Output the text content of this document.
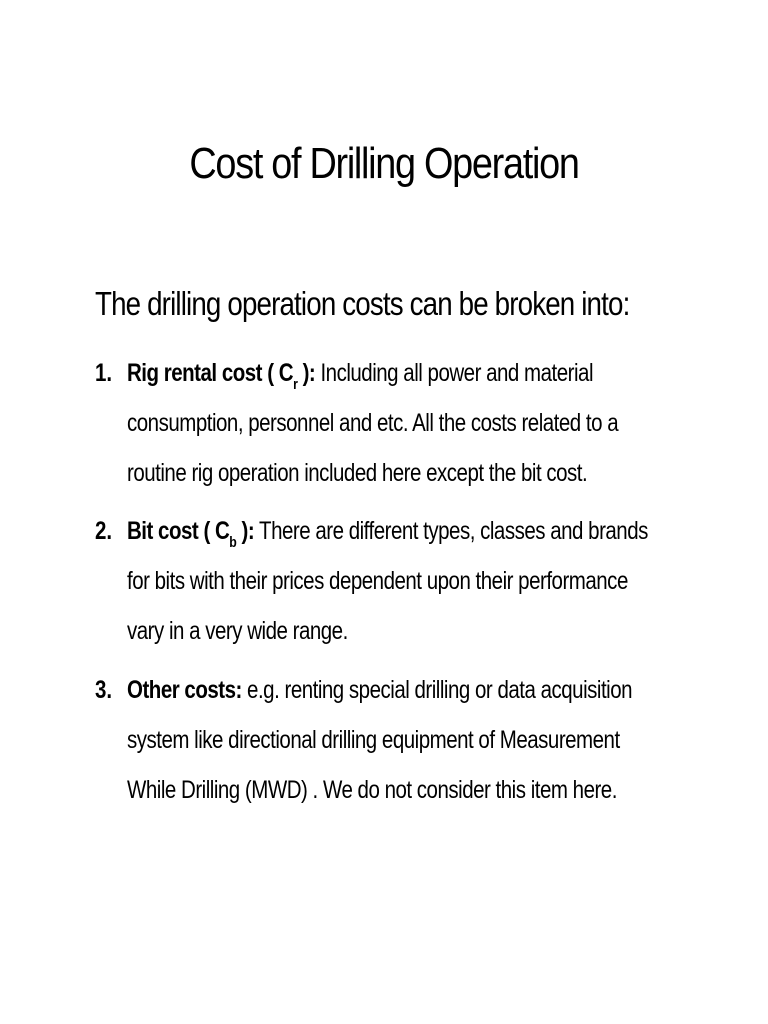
Cost of Drilling Operation
The drilling operation costs can be broken into:
1. Rig rental cost ( $C_r$ ): Including all power and material
consumption, personnel and etc. All the costs related to a
routine rig operation included here except the bit cost.
2. Bit cost ( $C_b$ ): There are different types, classes and brands
for bits with their prices dependent upon their performance
vary in a very wide range.
3. Other costs: e.g. renting special drilling or data acquisition
system like directional drilling equipment of Measurement
While Drilling (MWD) . We do not consider this item here.
